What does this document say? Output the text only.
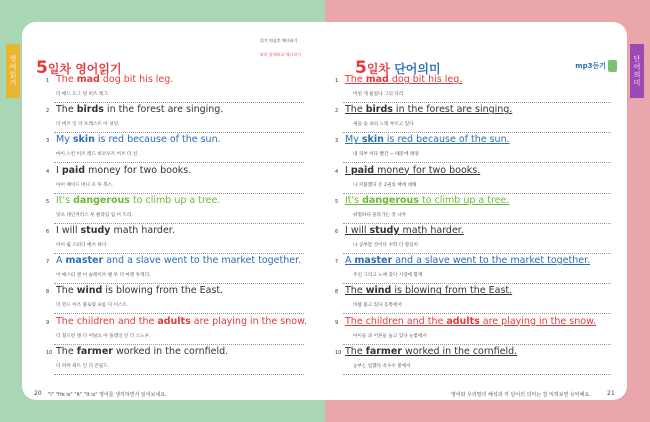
영어읽기	단어의미
5일차 영어읽기
읽기 연습후 체크하기
따라 말해보고 체크하기
1 The mad dog bit his leg.
더 매드 도그 빗 히즈 레그.
2 The birds in the forest are singing.
더 버즈 인 더 포레스트 아 싱잉.
3 My skin is red because of the sun.
마이 스킨 이즈 레드 비코우즈 어브 더 선.
4 I paid money for two books.
아이 페이드 머니 포 투 북스.
5 It's dangerous to climb up a tree.
잇츠 데인저러스 투 클라임 업 어 트리.
6 I will study math harder.
아이 윌 스터디 매쓰 하더.
7 A master and a slave went to the market together.
어 매스터 앤 어 슬레이브 웬 투 더 마켓 투게더.
8 The wind is blowing from the East.
더 윈드 이즈 블로윙 프롬 디 이스트.
9 The children and the adults are playing in the snow.
더 칠드런 앤 디 어덜츠 아 플레잉 인 더 스노우.
10 The farmer worked in the cornfield.
더 파머 웍트 인 더 콘필드.
20 "I" "He is" "It" "It is" 영어를 생각하면서 읽어보세요.
5일차 단어의미	mp3듣기
1 The mad dog bit his leg.
미친 개 물었다 그의 다리
2 The birds in the forest are singing.
새들 숲 속의 노래 부르고 있다
3 My skin is red because of the sun.
내 피부 이다 빨간 ~ 때문에 태양
4 I paid money for two books.
나 지불했다 돈 2권의 책에 대해
5 It's dangerous to climb up a tree.
위험하다 올라가는 것 나무
6 I will study math harder.
나 공부할 것이다 수학 더 열심히
7 A master and a slave went to the market together.
주인 그리고 노예 갔다 시장에 함께
8 The wind is blowing from the East.
바람 불고 있다 동쪽에서
9 The children and the adults are playing in the snow.
아이들 과 어른들 놀고 있다 눈밭에서
10 The farmer worked in the cornfield.
농부는 일했다 옥수수 밭에서
영어와 우리말의 해석과 각 단어의 의미는 잘 익혀보면 유익해요.	21
